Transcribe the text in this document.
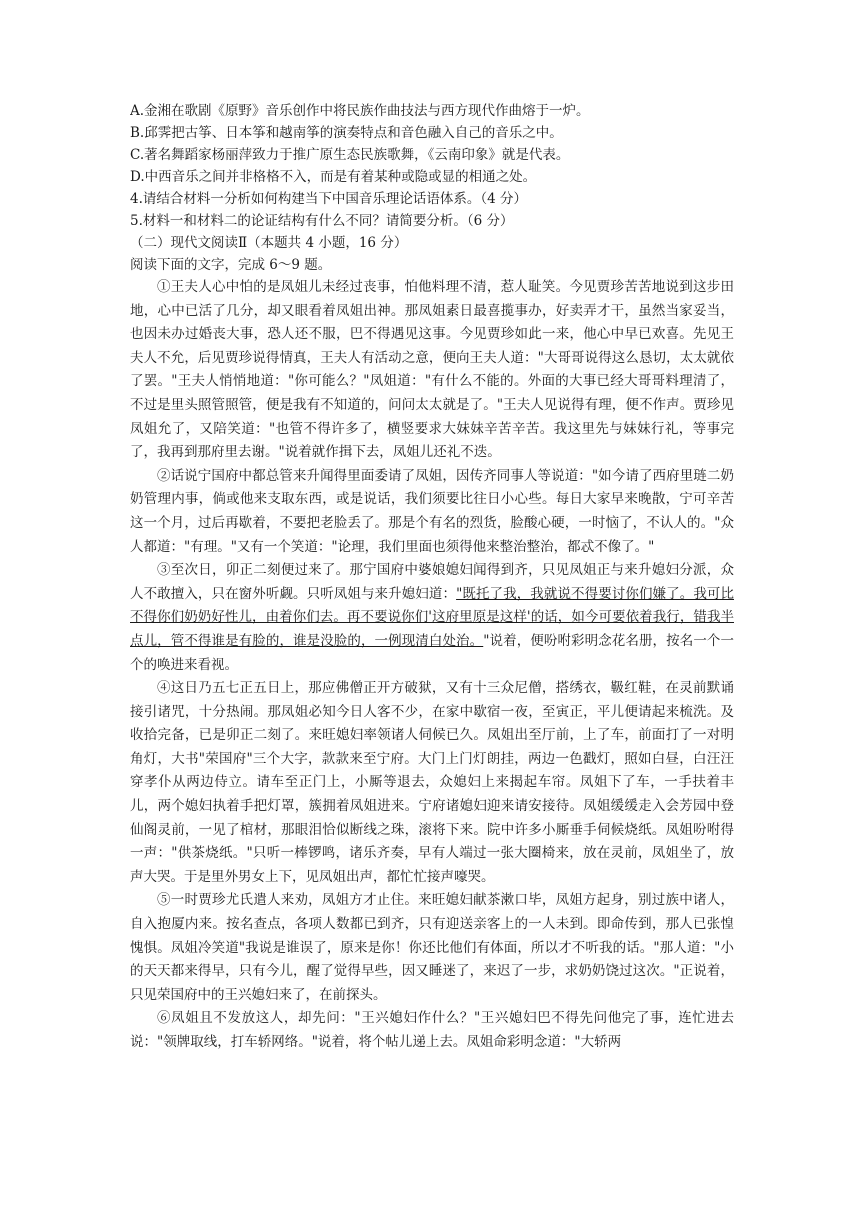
A.金湘在歌剧《原野》音乐创作中将民族作曲技法与西方现代作曲熔于一炉。
B.邱霁把古筝、日本筝和越南筝的演奏特点和音色融入自己的音乐之中。
C.著名舞蹈家杨丽萍致力于推广原生态民族歌舞，《云南印象》就是代表。
D.中西音乐之间并非格格不入，而是有着某种或隐或显的相通之处。
4.请结合材料一分析如何构建当下中国音乐理论话语体系。（4 分）
5.材料一和材料二的论证结构有什么不同？请简要分析。（6 分）
（二）现代文阅读Ⅱ（本题共 4 小题，16 分）
阅读下面的文字，完成 6～9 题。

①王夫人心中怕的是凤姐儿未经过丧事，怕他料理不清，惹人耻笑。今见贾珍苦苦地说到这步田地，心中已活了几分，却又眼看着凤姐出神。那凤姐素日最喜揽事办，好卖弄才干，虽然当家妥当，也因未办过婚丧大事，恐人还不服，巴不得遇见这事。今见贾珍如此一来，他心中早已欢喜。先见王夫人不允，后见贾珍说得情真，王夫人有活动之意，便向王夫人道："大哥哥说得这么恳切，太太就依了罢。"王夫人悄悄地道："你可能么？"凤姐道："有什么不能的。外面的大事已经大哥哥料理清了，不过是里头照管照管，便是我有不知道的，问问太太就是了。"王夫人见说得有理，便不作声。贾珍见凤姐允了，又陪笑道："也管不得许多了，横竖要求大妹妹辛苦辛苦。我这里先与妹妹行礼，等事完了，我再到那府里去谢。"说着就作揖下去，凤姐儿还礼不迭。

②话说宁国府中都总管来升闻得里面委请了凤姐，因传齐同事人等说道："如今请了西府里琏二奶奶管理内事，倘或他来支取东西，或是说话，我们须要比往日小心些。每日大家早来晚散，宁可辛苦这一个月，过后再歇着，不要把老脸丢了。那是个有名的烈货，脸酸心硬，一时恼了，不认人的。"众人都道："有理。"又有一个笑道："论理，我们里面也须得他来整治整治，都忒不像了。"

③至次日，卯正二刻便过来了。那宁国府中婆娘媳妇闻得到齐，只见凤姐正与来升媳妇分派，众人不敢擅入，只在窗外听觑。只听凤姐与来升媳妇道："既托了我，我就说不得要讨你们嫌了。我可比不得你们奶奶好性儿，由着你们去。再不要说你们'这府里原是这样'的话，如今可要依着我行，错我半点儿，管不得谁是有脸的，谁是没脸的，一例现清白处治。"说着，便吩咐彩明念花名册，按名一个一个的唤进来看视。

④这日乃五七正五日上，那应佛僧正开方破狱，又有十三众尼僧，搭绣衣，靸红鞋，在灵前默诵接引诸咒，十分热闹。那凤姐必知今日人客不少，在家中歇宿一夜，至寅正，平儿便请起来梳洗。及收拾完备，已是卯正二刻了。来旺媳妇率领诸人伺候已久。凤姐出至厅前，上了车，前面打了一对明角灯，大书"荣国府"三个大字，款款来至宁府。大门上门灯朗挂，两边一色戳灯，照如白昼，白汪汪穿孝仆从两边侍立。请车至正门上，小厮等退去，众媳妇上来揭起车帘。凤姐下了车，一手扶着丰儿，两个媳妇执着手把灯罩，簇拥着凤姐进来。宁府诸媳妇迎来请安接待。凤姐缓缓走入会芳园中登仙阁灵前，一见了棺材，那眼泪恰似断线之珠，滚将下来。院中许多小厮垂手伺候烧纸。凤姐吩咐得一声："供茶烧纸。"只听一棒锣鸣，诸乐齐奏，早有人端过一张大圈椅来，放在灵前，凤姐坐了，放声大哭。于是里外男女上下，见凤姐出声，都忙忙接声嚎哭。

⑤一时贾珍尤氏遣人来劝，凤姐方才止住。来旺媳妇献茶漱口毕，凤姐方起身，别过族中诸人，自入抱厦内来。按名查点，各项人数都已到齐，只有迎送亲客上的一人未到。即命传到，那人已张惶愧惧。凤姐冷笑道"我说是谁误了，原来是你！你还比他们有体面，所以才不听我的话。"那人道："小的天天都来得早，只有今儿，醒了觉得早些，因又睡迷了，来迟了一步，求奶奶饶过这次。"正说着，只见荣国府中的王兴媳妇来了，在前探头。

⑥凤姐且不发放这人，却先问："王兴媳妇作什么？"王兴媳妇巴不得先问他完了事，连忙进去说："领牌取线，打车轿网络。"说着，将个帖儿递上去。凤姐命彩明念道："大轿两
